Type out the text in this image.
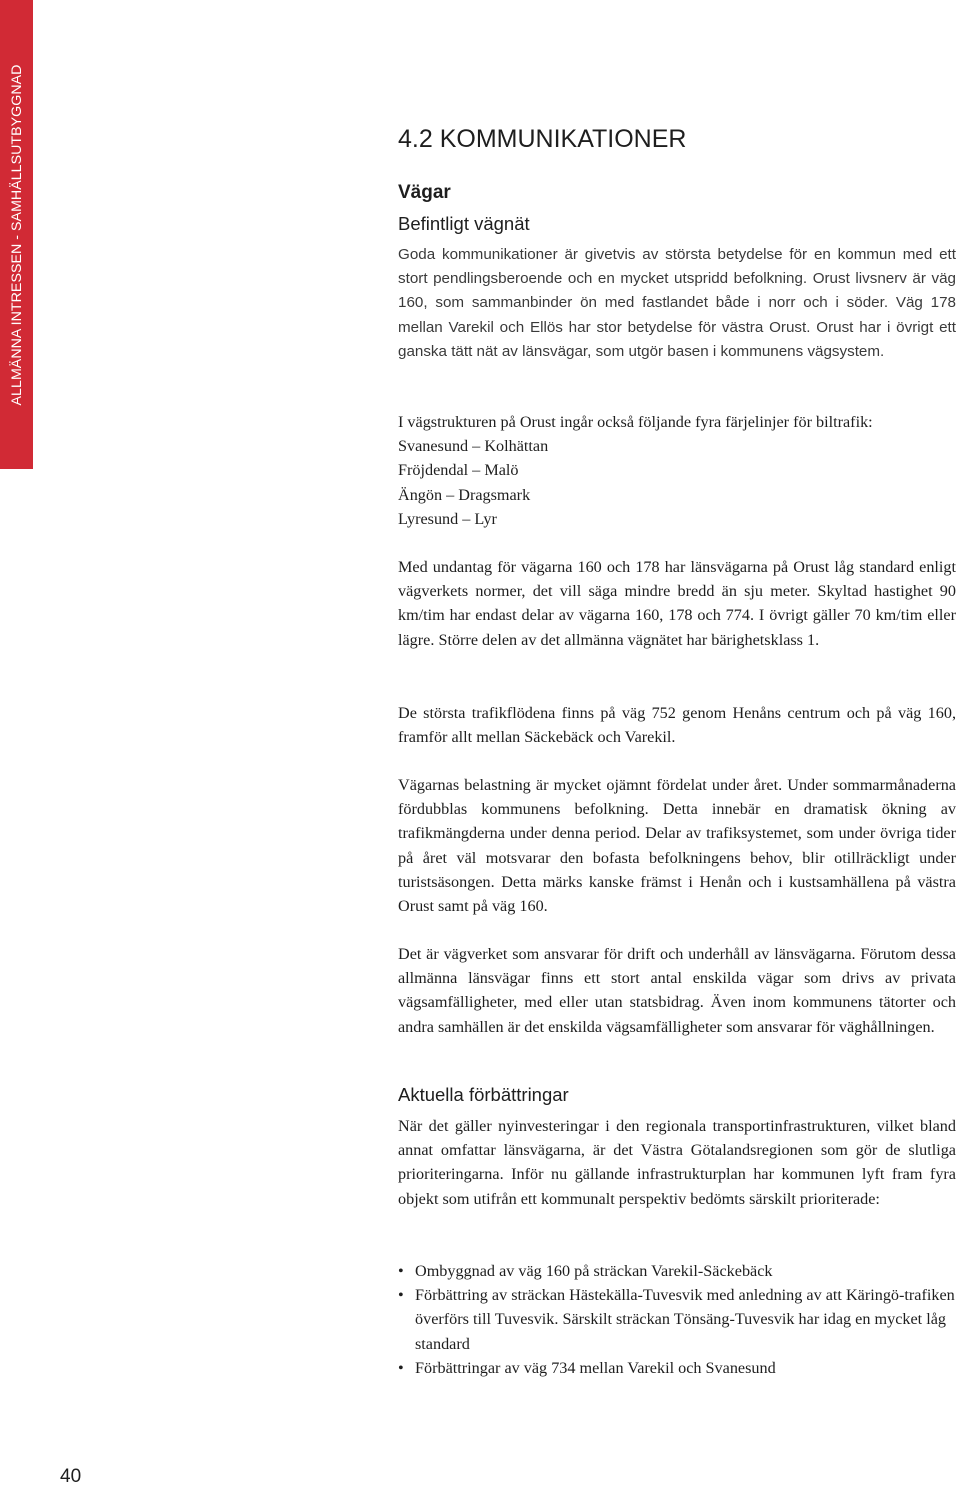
ALLMÄNNA INTRESSEN - SAMHÄLLSUTBYGGNAD	4.2 KOMMUNIKATIONER
Vägar
Befintligt vägnät

Goda kommunikationer är givetvis av största betydelse för en kommun med ett stort pendlingsberoende och en mycket utspridd befolkning. Orust livsnerv är väg 160, som sammanbinder ön med fastlandet både i norr och i söder. Väg 178 mellan Varekil och Ellös har stor betydelse för västra Orust. Orust har i övrigt ett ganska tätt nät av länsvägar, som utgör basen i kommunens vägsystem.

I vägstrukturen på Orust ingår också följande fyra färjelinjer för biltrafik:
Svanesund – Kolhättan
Fröjdendal – Malö
Ängön – Dragsmark
Lyresund – Lyr

Med undantag för vägarna 160 och 178 har länsvägarna på Orust låg standard enligt vägverkets normer, det vill säga mindre bredd än sju meter. Skyltad hastighet 90 km/tim har endast delar av vägarna 160, 178 och 774. I övrigt gäller 70 km/tim eller lägre. Större delen av det allmänna vägnätet har bärighetsklass 1.

De största trafikflödena finns på väg 752 genom Henåns centrum och på väg 160, framför allt mellan Säckebäck och Varekil.

Vägarnas belastning är mycket ojämnt fördelat under året. Under sommarmånaderna fördubblas kommunens befolkning. Detta innebär en dramatisk ökning av trafikmängderna under denna period. Delar av trafiksystemet, som under övriga tider på året väl motsvarar den bofasta befolkningens behov, blir otillräckligt under turistsäsongen. Detta märks kanske främst i Henån och i kustsamhällena på västra Orust samt på väg 160.

Det är vägverket som ansvarar för drift och underhåll av länsvägarna. Förutom dessa allmänna länsvägar finns ett stort antal enskilda vägar som drivs av privata vägsamfälligheter, med eller utan statsbidrag. Även inom kommunens tätorter och andra samhällen är det enskilda vägsamfälligheter som ansvarar för väghållningen.

Aktuella förbättringar

När det gäller nyinvesteringar i den regionala transportinfrastrukturen, vilket bland annat omfattar länsvägarna, är det Västra Götalandsregionen som gör de slutliga prioriteringarna. Inför nu gällande infrastrukturplan har kommunen lyft fram fyra objekt som utifrån ett kommunalt perspektiv bedömts särskilt prioriterade:

• Ombyggnad av väg 160 på sträckan Varekil-Säckebäck
• Förbättring av sträckan Hästekälla-Tuvesvik med anledning av att Käringö-trafiken överförs till Tuvesvik. Särskilt sträckan Tönsäng-Tuvesvik har idag en mycket låg standard
• Förbättringar av väg 734 mellan Varekil och Svanesund
40
